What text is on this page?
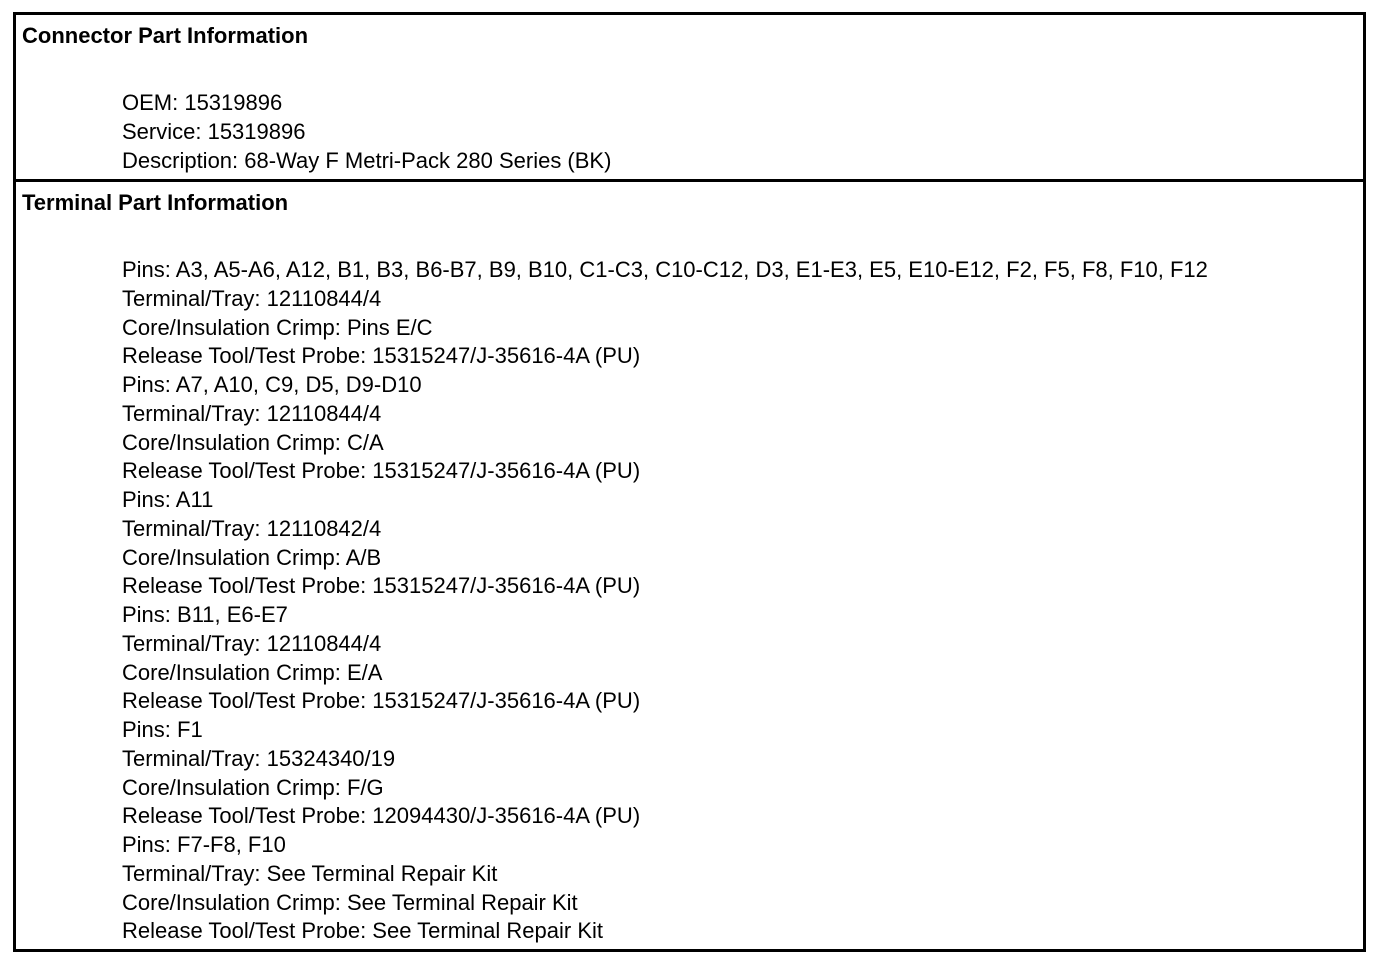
Connector Part Information
OEM: 15319896
Service: 15319896
Description: 68-Way F Metri-Pack 280 Series (BK)
Terminal Part Information
Pins: A3, A5-A6, A12, B1, B3, B6-B7, B9, B10, C1-C3, C10-C12, D3, E1-E3, E5, E10-E12, F2, F5, F8, F10, F12
Terminal/Tray: 12110844/4
Core/Insulation Crimp: Pins E/C
Release Tool/Test Probe: 15315247/J-35616-4A (PU)
Pins: A7, A10, C9, D5, D9-D10
Terminal/Tray: 12110844/4
Core/Insulation Crimp: C/A
Release Tool/Test Probe: 15315247/J-35616-4A (PU)
Pins: A11
Terminal/Tray: 12110842/4
Core/Insulation Crimp: A/B
Release Tool/Test Probe: 15315247/J-35616-4A (PU)
Pins: B11, E6-E7
Terminal/Tray: 12110844/4
Core/Insulation Crimp: E/A
Release Tool/Test Probe: 15315247/J-35616-4A (PU)
Pins: F1
Terminal/Tray: 15324340/19
Core/Insulation Crimp: F/G
Release Tool/Test Probe: 12094430/J-35616-4A (PU)
Pins: F7-F8, F10
Terminal/Tray: See Terminal Repair Kit
Core/Insulation Crimp: See Terminal Repair Kit
Release Tool/Test Probe: See Terminal Repair Kit
